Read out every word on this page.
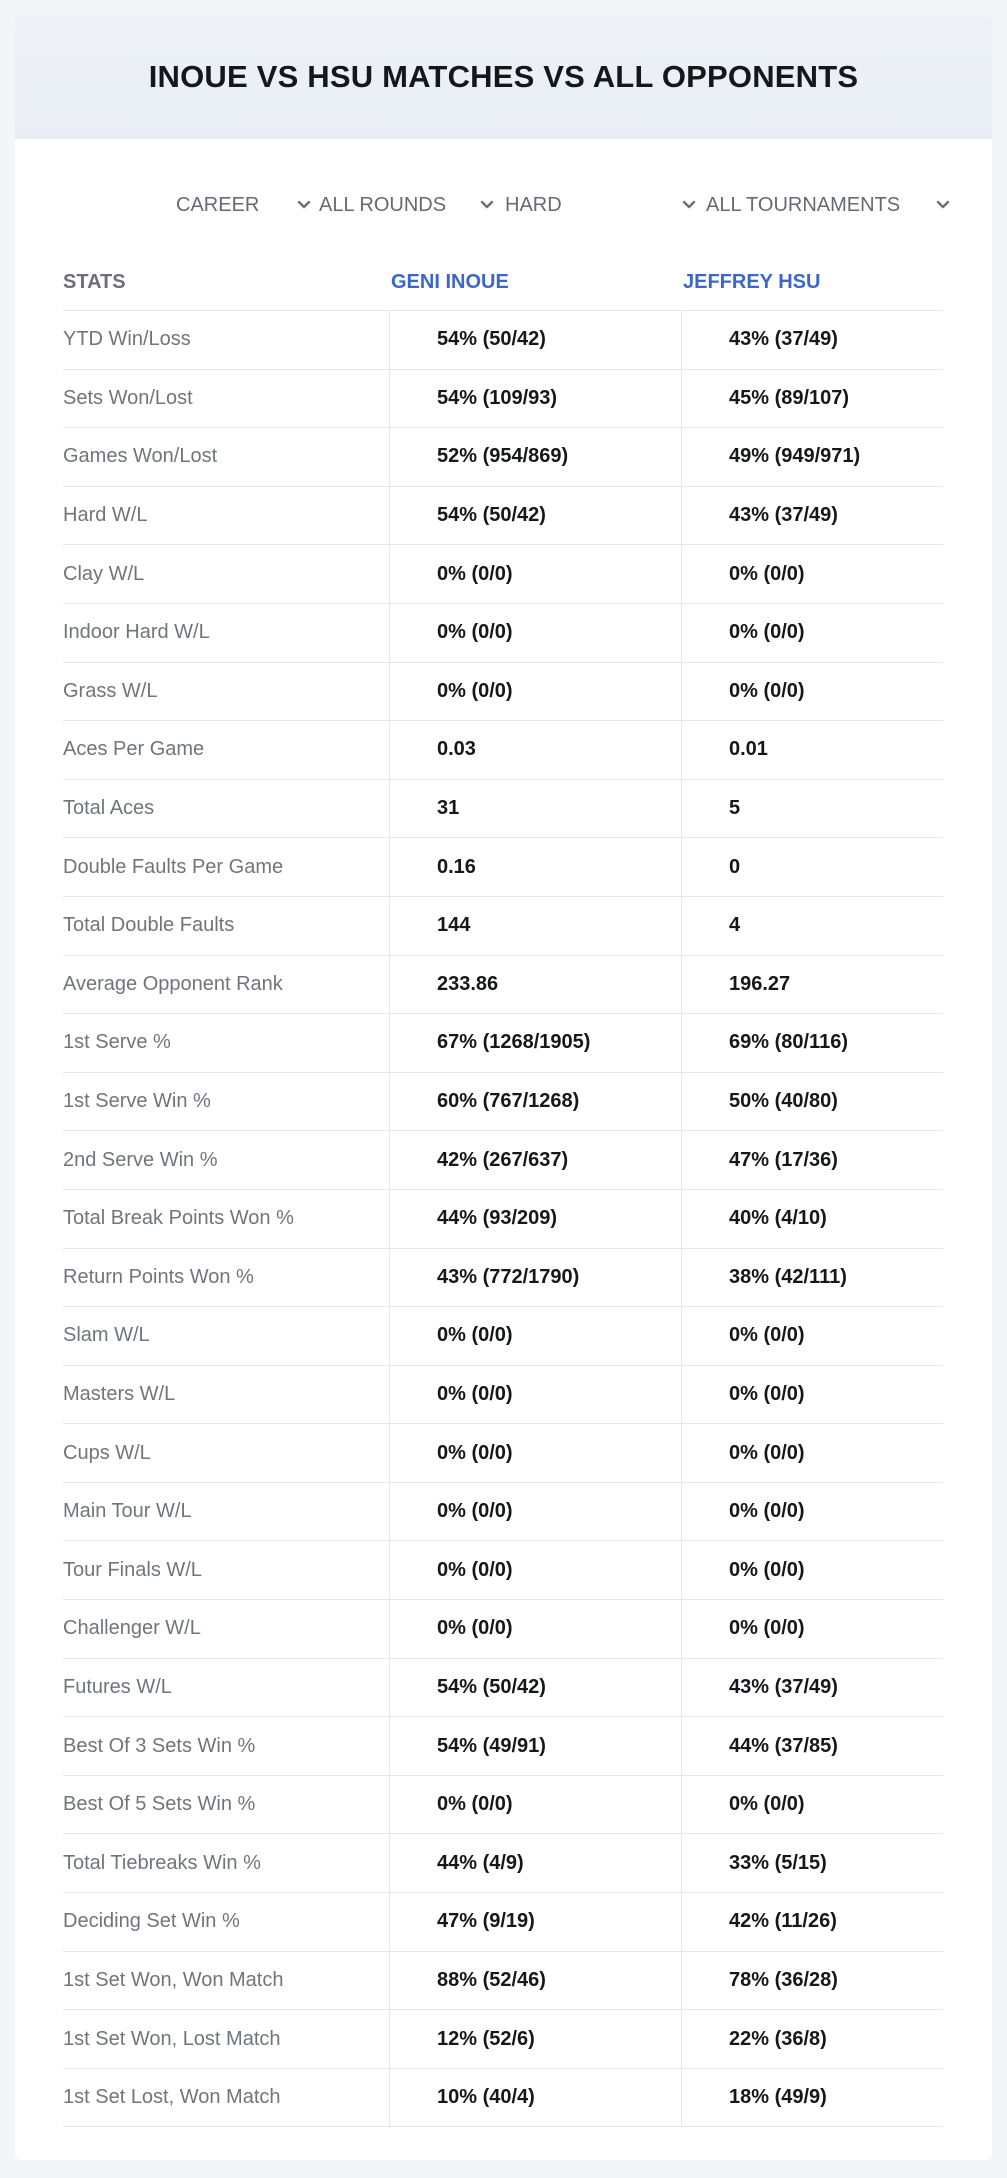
INOUE VS HSU MATCHES VS ALL OPPONENTS
CAREER	ALL ROUNDS	HARD	ALL TOURNAMENTS
STATS	GENI INOUE	JEFFREY HSU
YTD Win/Loss	54% (50/42)	43% (37/49)
Sets Won/Lost	54% (109/93)	45% (89/107)
Games Won/Lost	52% (954/869)	49% (949/971)
Hard W/L	54% (50/42)	43% (37/49)
Clay W/L	0% (0/0)	0% (0/0)
Indoor Hard W/L	0% (0/0)	0% (0/0)
Grass W/L	0% (0/0)	0% (0/0)
Aces Per Game	0.03	0.01
Total Aces	31	5
Double Faults Per Game	0.16	0
Total Double Faults	144	4
Average Opponent Rank	233.86	196.27
1st Serve %	67% (1268/1905)	69% (80/116)
1st Serve Win %	60% (767/1268)	50% (40/80)
2nd Serve Win %	42% (267/637)	47% (17/36)
Total Break Points Won %	44% (93/209)	40% (4/10)
Return Points Won %	43% (772/1790)	38% (42/111)
Slam W/L	0% (0/0)	0% (0/0)
Masters W/L	0% (0/0)	0% (0/0)
Cups W/L	0% (0/0)	0% (0/0)
Main Tour W/L	0% (0/0)	0% (0/0)
Tour Finals W/L	0% (0/0)	0% (0/0)
Challenger W/L	0% (0/0)	0% (0/0)
Futures W/L	54% (50/42)	43% (37/49)
Best Of 3 Sets Win %	54% (49/91)	44% (37/85)
Best Of 5 Sets Win %	0% (0/0)	0% (0/0)
Total Tiebreaks Win %	44% (4/9)	33% (5/15)
Deciding Set Win %	47% (9/19)	42% (11/26)
1st Set Won, Won Match	88% (52/46)	78% (36/28)
1st Set Won, Lost Match	12% (52/6)	22% (36/8)
1st Set Lost, Won Match	10% (40/4)	18% (49/9)
